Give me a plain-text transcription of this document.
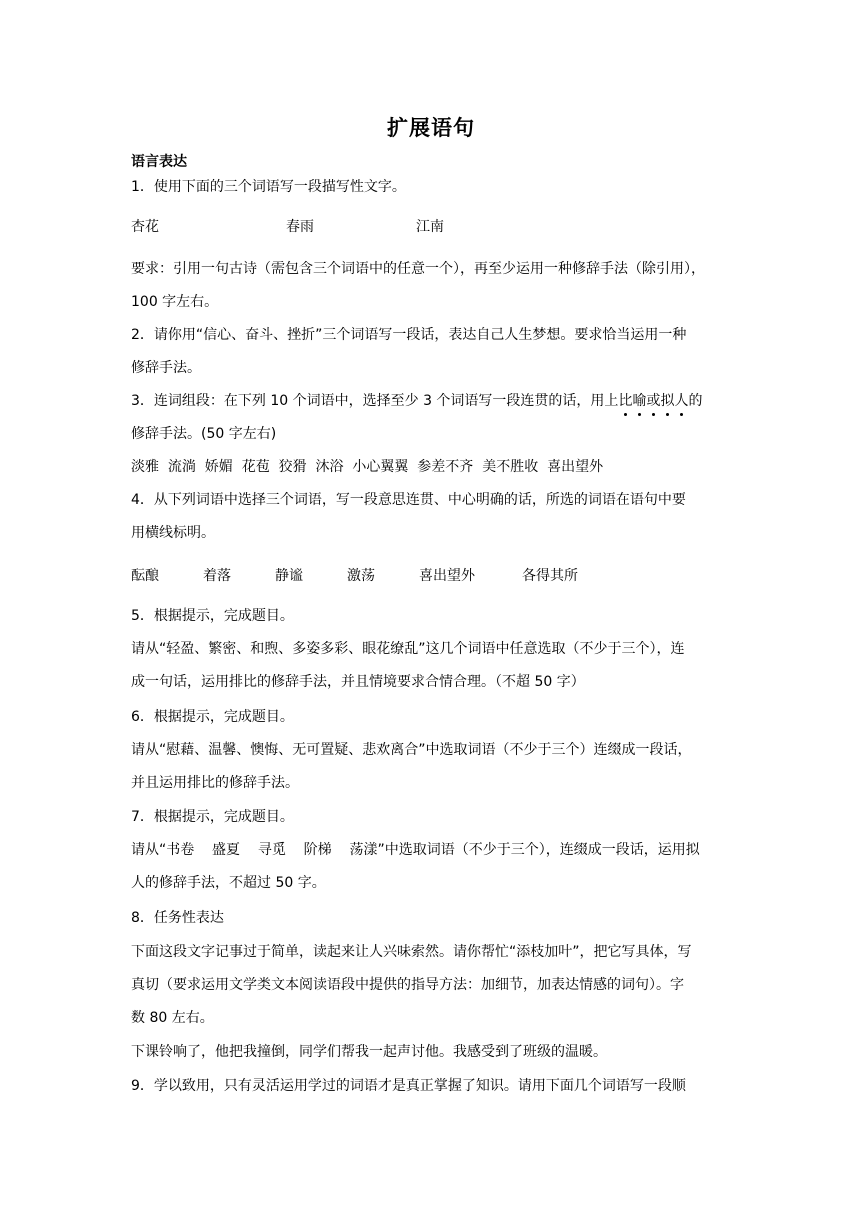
扩展语句
语言表达
1．使用下面的三个词语写一段描写性文字。
杏花	春雨	江南
要求：引用一句古诗（需包含三个词语中的任意一个），再至少运用一种修辞手法（除引用），
100 字左右。
2．请你用“信心、奋斗、挫折”三个词语写一段话，表达自己人生梦想。要求恰当运用一种
修辞手法。
3．连词组段：在下列 10 个词语中，选择至少 3 个词语写一段连贯的话，用上比喻或拟人的
修辞手法。(50 字左右)
淡雅  流淌  娇媚  花苞  狡猾  沐浴  小心翼翼  参差不齐  美不胜收  喜出望外
4．从下列词语中选择三个词语，写一段意思连贯、中心明确的话，所选的词语在语句中要
用横线标明。
酝酿	着落	静谧	激荡	喜出望外	各得其所
5．根据提示，完成题目。
请从“轻盈、繁密、和煦、多姿多彩、眼花缭乱”这几个词语中任意选取（不少于三个），连
成一句话，运用排比的修辞手法，并且情境要求合情合理。（不超 50 字）
6．根据提示，完成题目。
请从“慰藉、温馨、懊悔、无可置疑、悲欢离合”中选取词语（不少于三个）连缀成一段话，
并且运用排比的修辞手法。
7．根据提示，完成题目。
请从“书卷    盛夏    寻觅    阶梯    荡漾”中选取词语（不少于三个），连缀成一段话，运用拟
人的修辞手法，不超过 50 字。
8．任务性表达
下面这段文字记事过于简单，读起来让人兴味索然。请你帮忙“添枝加叶”，把它写具体，写
真切（要求运用文学类文本阅读语段中提供的指导方法：加细节，加表达情感的词句）。字
数 80 左右。
下课铃响了，他把我撞倒，同学们帮我一起声讨他。我感受到了班级的温暖。
9．学以致用，只有灵活运用学过的词语才是真正掌握了知识。请用下面几个词语写一段顺
